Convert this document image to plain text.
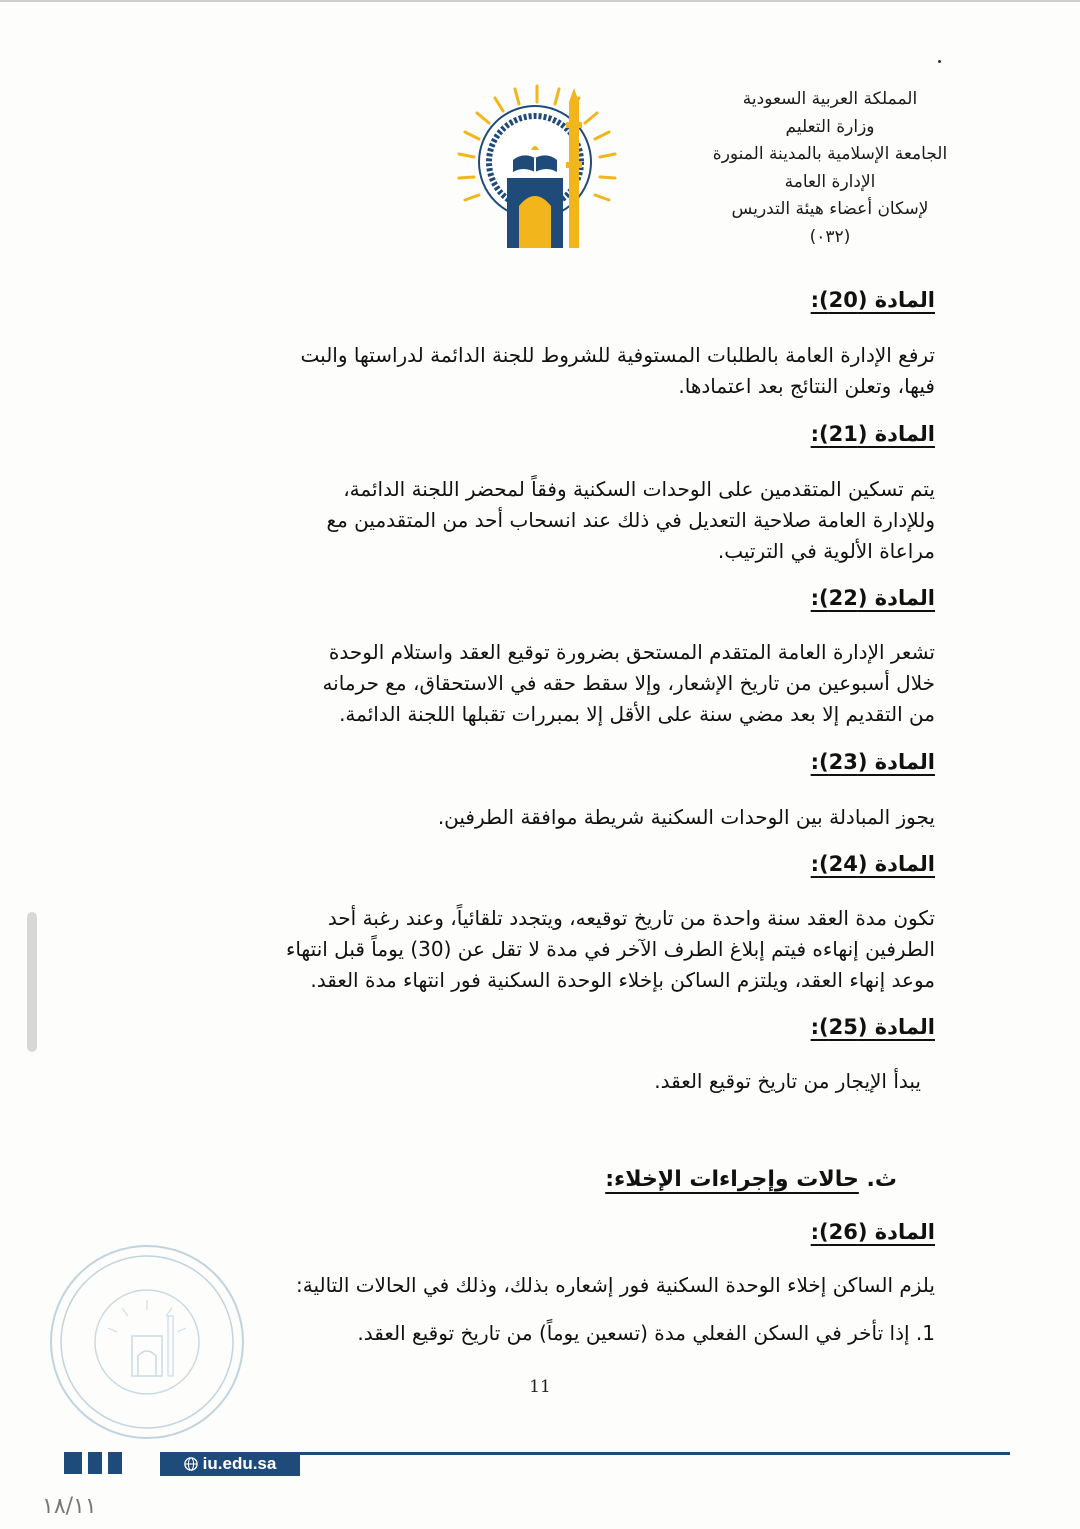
المملكة العربية السعودية
وزارة التعليم
الجامعة الإسلامية بالمدينة المنورة
الإدارة العامة
لإسكان أعضاء هيئة التدريس
(٠٣٢)
المادة (20):
ترفع الإدارة العامة بالطلبات المستوفية للشروط للجنة الدائمة لدراستها والبت
فيها، وتعلن النتائج بعد اعتمادها.
المادة (21):
يتم تسكين المتقدمين على الوحدات السكنية وفقاً لمحضر اللجنة الدائمة،
وللإدارة العامة صلاحية التعديل في ذلك عند انسحاب أحد من المتقدمين مع
مراعاة الألوية في الترتيب.
المادة (22):
تشعر الإدارة العامة المتقدم المستحق بضرورة توقيع العقد واستلام الوحدة
خلال أسبوعين من تاريخ الإشعار، وإلا سقط حقه في الاستحقاق، مع حرمانه
من التقديم إلا بعد مضي سنة على الأقل إلا بمبررات تقبلها اللجنة الدائمة.
المادة (23):
يجوز المبادلة بين الوحدات السكنية شريطة موافقة الطرفين.
المادة (24):
تكون مدة العقد سنة واحدة من تاريخ توقيعه، ويتجدد تلقائياً، وعند رغبة أحد
الطرفين إنهاءه فيتم إبلاغ الطرف الآخر في مدة لا تقل عن (30) يوماً قبل انتهاء
موعد إنهاء العقد، ويلتزم الساكن بإخلاء الوحدة السكنية فور انتهاء مدة العقد.
المادة (25):
يبدأ الإيجار من تاريخ توقيع العقد.
ث. حالات وإجراءات الإخلاء:
المادة (26):
يلزم الساكن إخلاء الوحدة السكنية فور إشعاره بذلك، وذلك في الحالات التالية:
1. إذا تأخر في السكن الفعلي مدة (تسعين يوماً) من تاريخ توقيع العقد.
11
iu.edu.sa
١٨/١١
